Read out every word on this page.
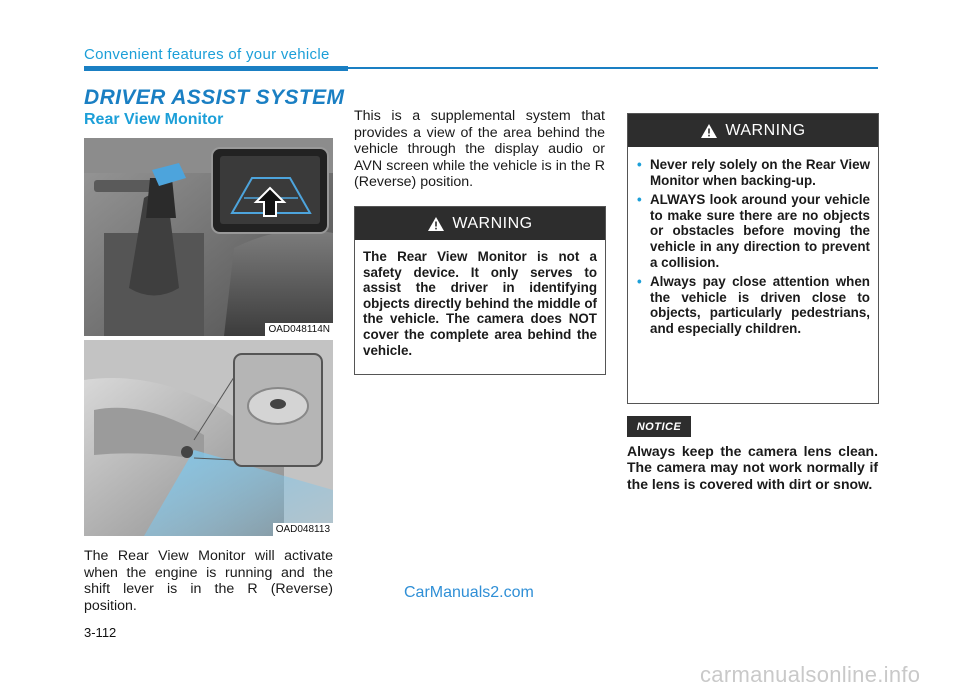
Convenient features of your vehicle
DRIVER ASSIST SYSTEM
Rear View Monitor
OAD048114N
OAD048113
The Rear View Monitor will activate when the engine is running and the shift lever is in the R (Reverse) position.
This is a supplemental system that provides a view of the area behind the vehicle through the display audio or AVN screen while the vehicle is in the R (Reverse) position.
WARNING
The Rear View Monitor is not a safety device. It only serves to assist the driver in identifying objects directly behind the middle of the vehicle. The camera does NOT cover the complete area behind the vehicle.
WARNING
• Never rely solely on the Rear View Monitor when backing-up.
• ALWAYS look around your vehicle to make sure there are no objects or obstacles before moving the vehicle in any direction to prevent a collision.
• Always pay close attention when the vehicle is driven close to objects, particularly pedestrians, and especially children.
NOTICE
Always keep the camera lens clean. The camera may not work normally if the lens is covered with dirt or snow.
3-112
CarManuals2.com
carmanualsonline.info
